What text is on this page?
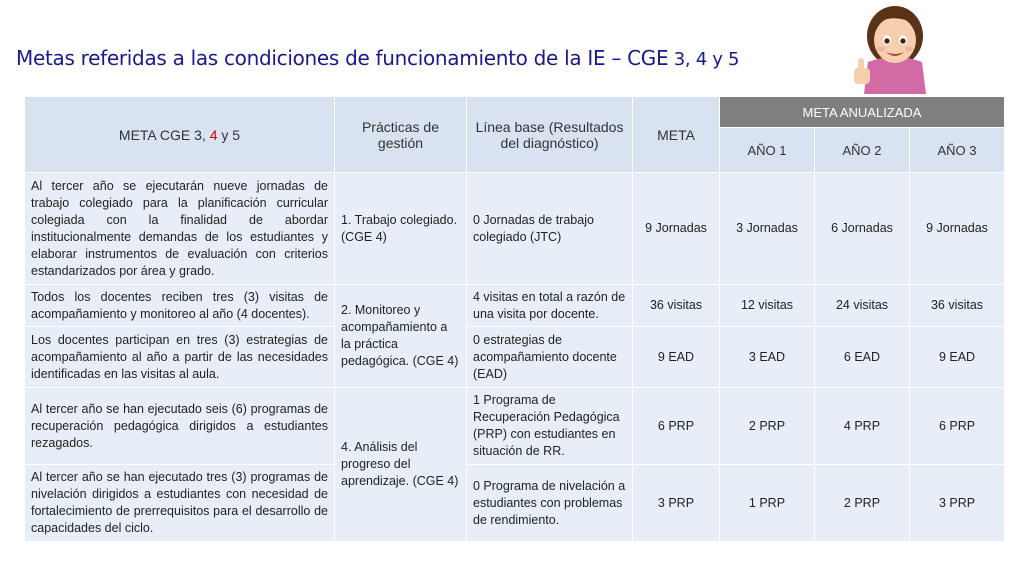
Metas referidas a las condiciones de funcionamiento de la IE – CGE 3, 4 y 5
META CGE 3, 4 y 5	Prácticas de gestión	Línea base (Resultados del diagnóstico)	META	META ANUALIZADA		
				AÑO 1	AÑO 2	AÑO 3
Al tercer año se ejecutarán nueve jornadas de trabajo colegiado para la planificación curricular colegiada con la finalidad de abordar institucionalmente demandas de los estudiantes y elaborar instrumentos de evaluación con criterios estandarizados por área y grado.	1. Trabajo colegiado. (CGE 4)	0 Jornadas de trabajo colegiado (JTC)	9 Jornadas	3 Jornadas	6 Jornadas	9 Jornadas
Todos los docentes reciben tres (3) visitas de acompañamiento y monitoreo al año (4 docentes).	2. Monitoreo y acompañamiento a la práctica pedagógica. (CGE 4)	4 visitas en total a razón de una visita por docente.	36 visitas	12 visitas	24 visitas	36 visitas
Los docentes participan en tres (3) estrategias de acompañamiento al año a partir de las necesidades identificadas en las visitas al aula.		0 estrategias de acompañamiento docente (EAD)	9 EAD	3 EAD	6 EAD	9 EAD
Al tercer año se han ejecutado seis (6) programas de recuperación pedagógica dirigidos a estudiantes rezagados.	4. Análisis del progreso del aprendizaje. (CGE 4)	1 Programa de Recuperación Pedagógica (PRP) con estudiantes en situación de RR.	6 PRP	2 PRP	4 PRP	6 PRP
Al tercer año se han ejecutado tres (3) programas de nivelación dirigidos a estudiantes con necesidad de fortalecimiento de prerrequisitos para el desarrollo de capacidades del ciclo.		0 Programa de nivelación a estudiantes con problemas de rendimiento.	3 PRP	1 PRP	2 PRP	3 PRP
